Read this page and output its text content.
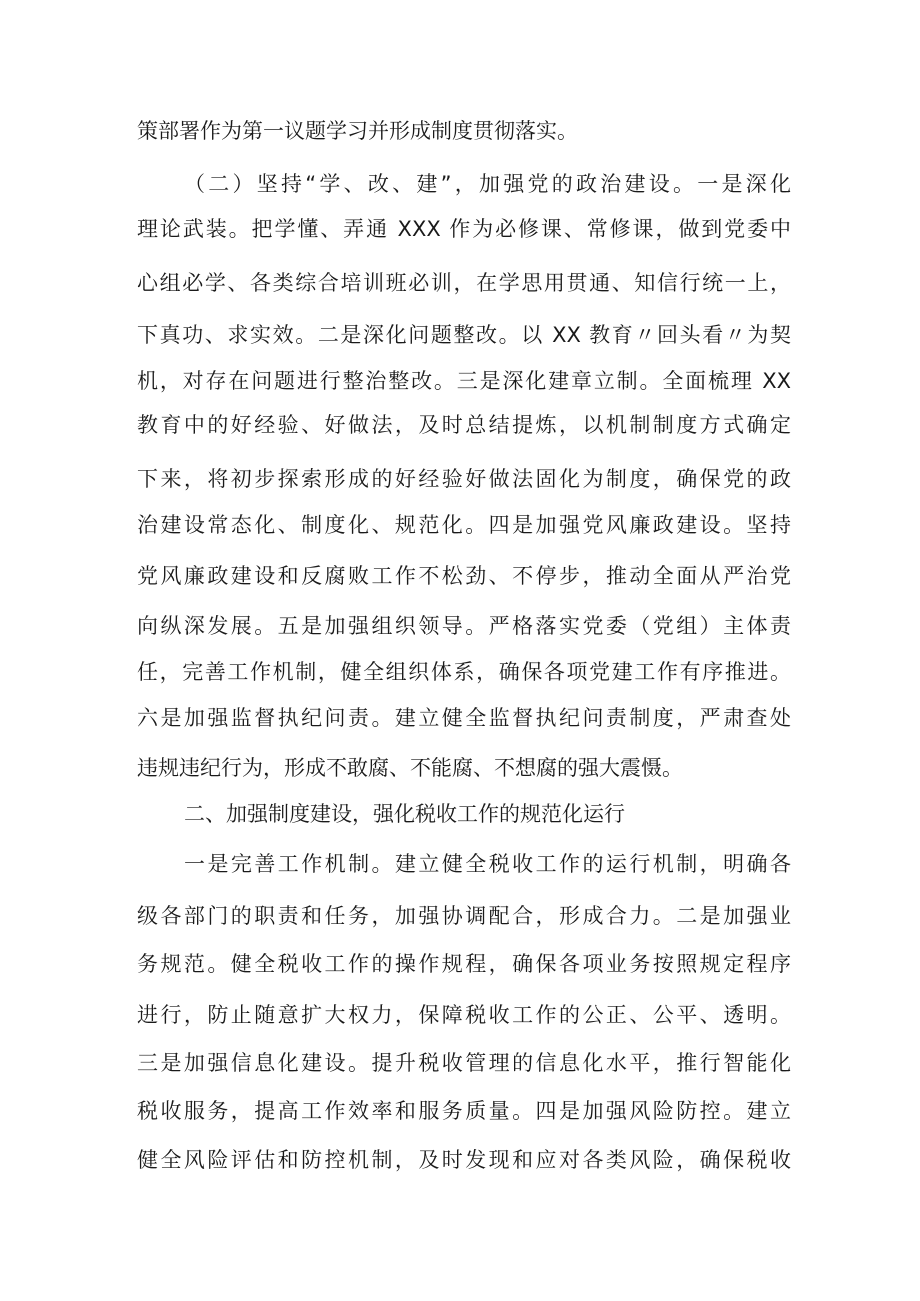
策部署作为第一议题学习并形成制度贯彻落实。
（二）坚持“学、改、建”，加强党的政治建设。一是深化
理论武装。把学懂、弄通 XXX 作为必修课、常修课，做到党委中
心组必学、各类综合培训班必训，在学思用贯通、知信行统一上，
下真功、求实效。二是深化问题整改。以 XX 教育〃回头看〃为契
机，对存在问题进行整治整改。三是深化建章立制。全面梳理 XX
教育中的好经验、好做法，及时总结提炼，以机制制度方式确定
下来，将初步探索形成的好经验好做法固化为制度，确保党的政
治建设常态化、制度化、规范化。四是加强党风廉政建设。坚持
党风廉政建设和反腐败工作不松劲、不停步，推动全面从严治党
向纵深发展。五是加强组织领导。严格落实党委（党组）主体责
任，完善工作机制，健全组织体系，确保各项党建工作有序推进。
六是加强监督执纪问责。建立健全监督执纪问责制度，严肃查处
违规违纪行为，形成不敢腐、不能腐、不想腐的强大震慑。
二、加强制度建设，强化税收工作的规范化运行
一是完善工作机制。建立健全税收工作的运行机制，明确各
级各部门的职责和任务，加强协调配合，形成合力。二是加强业
务规范。健全税收工作的操作规程，确保各项业务按照规定程序
进行，防止随意扩大权力，保障税收工作的公正、公平、透明。
三是加强信息化建设。提升税收管理的信息化水平，推行智能化
税收服务，提高工作效率和服务质量。四是加强风险防控。建立
健全风险评估和防控机制，及时发现和应对各类风险，确保税收
